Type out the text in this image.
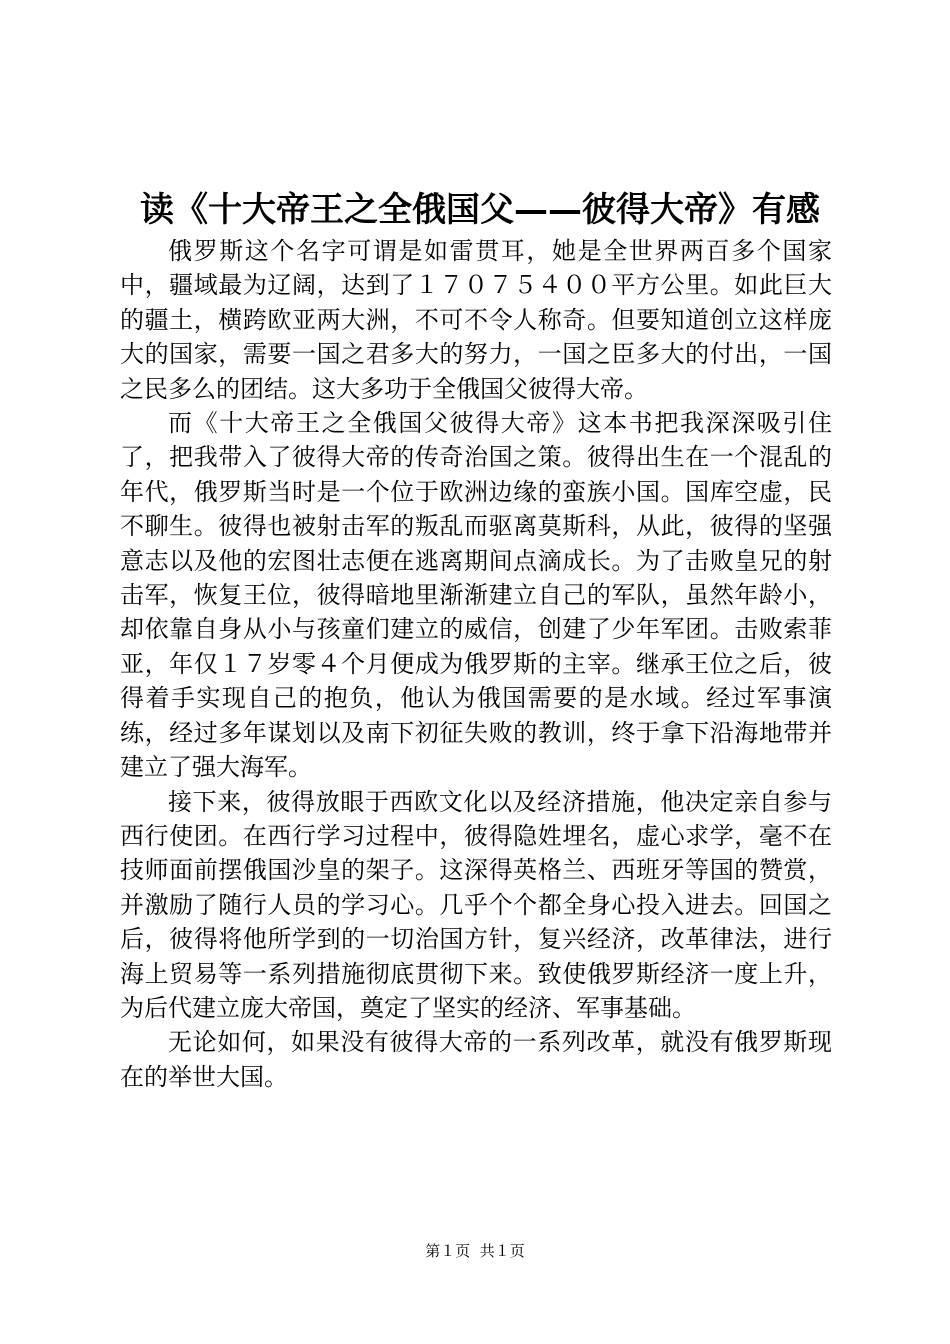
读《十大帝王之全俄国父——彼得大帝》有感

俄罗斯这个名字可谓是如雷贯耳，她是全世界两百多个国家中，疆域最为辽阔，达到了１７０７５４００平方公里。如此巨大的疆土，横跨欧亚两大洲，不可不令人称奇。但要知道创立这样庞大的国家，需要一国之君多大的努力，一国之臣多大的付出，一国之民多么的团结。这大多功于全俄国父彼得大帝。

而《十大帝王之全俄国父彼得大帝》这本书把我深深吸引住了，把我带入了彼得大帝的传奇治国之策。彼得出生在一个混乱的年代，俄罗斯当时是一个位于欧洲边缘的蛮族小国。国库空虚，民不聊生。彼得也被射击军的叛乱而驱离莫斯科，从此，彼得的坚强意志以及他的宏图壮志便在逃离期间点滴成长。为了击败皇兄的射击军，恢复王位，彼得暗地里渐渐建立自己的军队，虽然年龄小，却依靠自身从小与孩童们建立的威信，创建了少年军团。击败索菲亚，年仅１７岁零４个月便成为俄罗斯的主宰。继承王位之后，彼得着手实现自己的抱负，他认为俄国需要的是水域。经过军事演练，经过多年谋划以及南下初征失败的教训，终于拿下沿海地带并建立了强大海军。

接下来，彼得放眼于西欧文化以及经济措施，他决定亲自参与西行使团。在西行学习过程中，彼得隐姓埋名，虚心求学，毫不在技师面前摆俄国沙皇的架子。这深得英格兰、西班牙等国的赞赏，并激励了随行人员的学习心。几乎个个都全身心投入进去。回国之后，彼得将他所学到的一切治国方针，复兴经济，改革律法，进行海上贸易等一系列措施彻底贯彻下来。致使俄罗斯经济一度上升，为后代建立庞大帝国，奠定了坚实的经济、军事基础。

无论如何，如果没有彼得大帝的一系列改革，就没有俄罗斯现在的举世大国。

第１页 共１页
